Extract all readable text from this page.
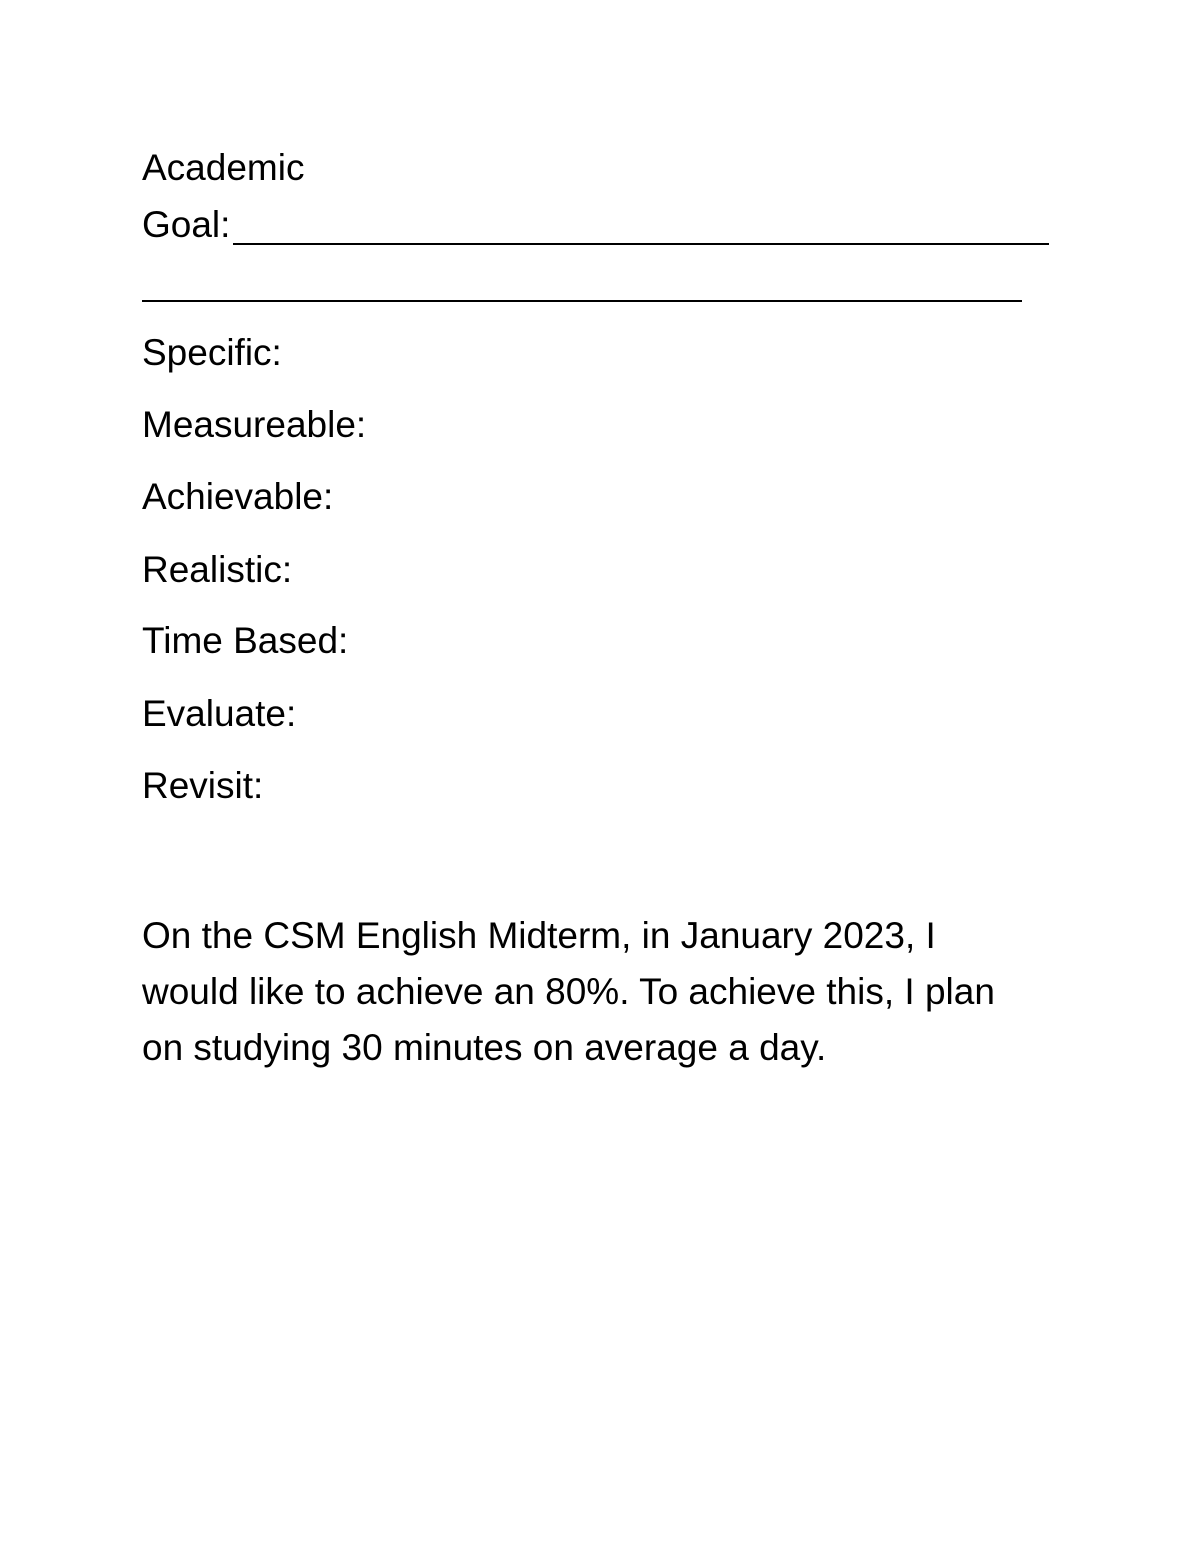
Academic
Goal:
Specific:
Measureable:
Achievable:
Realistic:
Time Based:
Evaluate:
Revisit:

On the CSM English Midterm, in January 2023, I
would like to achieve an 80%. To achieve this, I plan
on studying 30 minutes on average a day.
